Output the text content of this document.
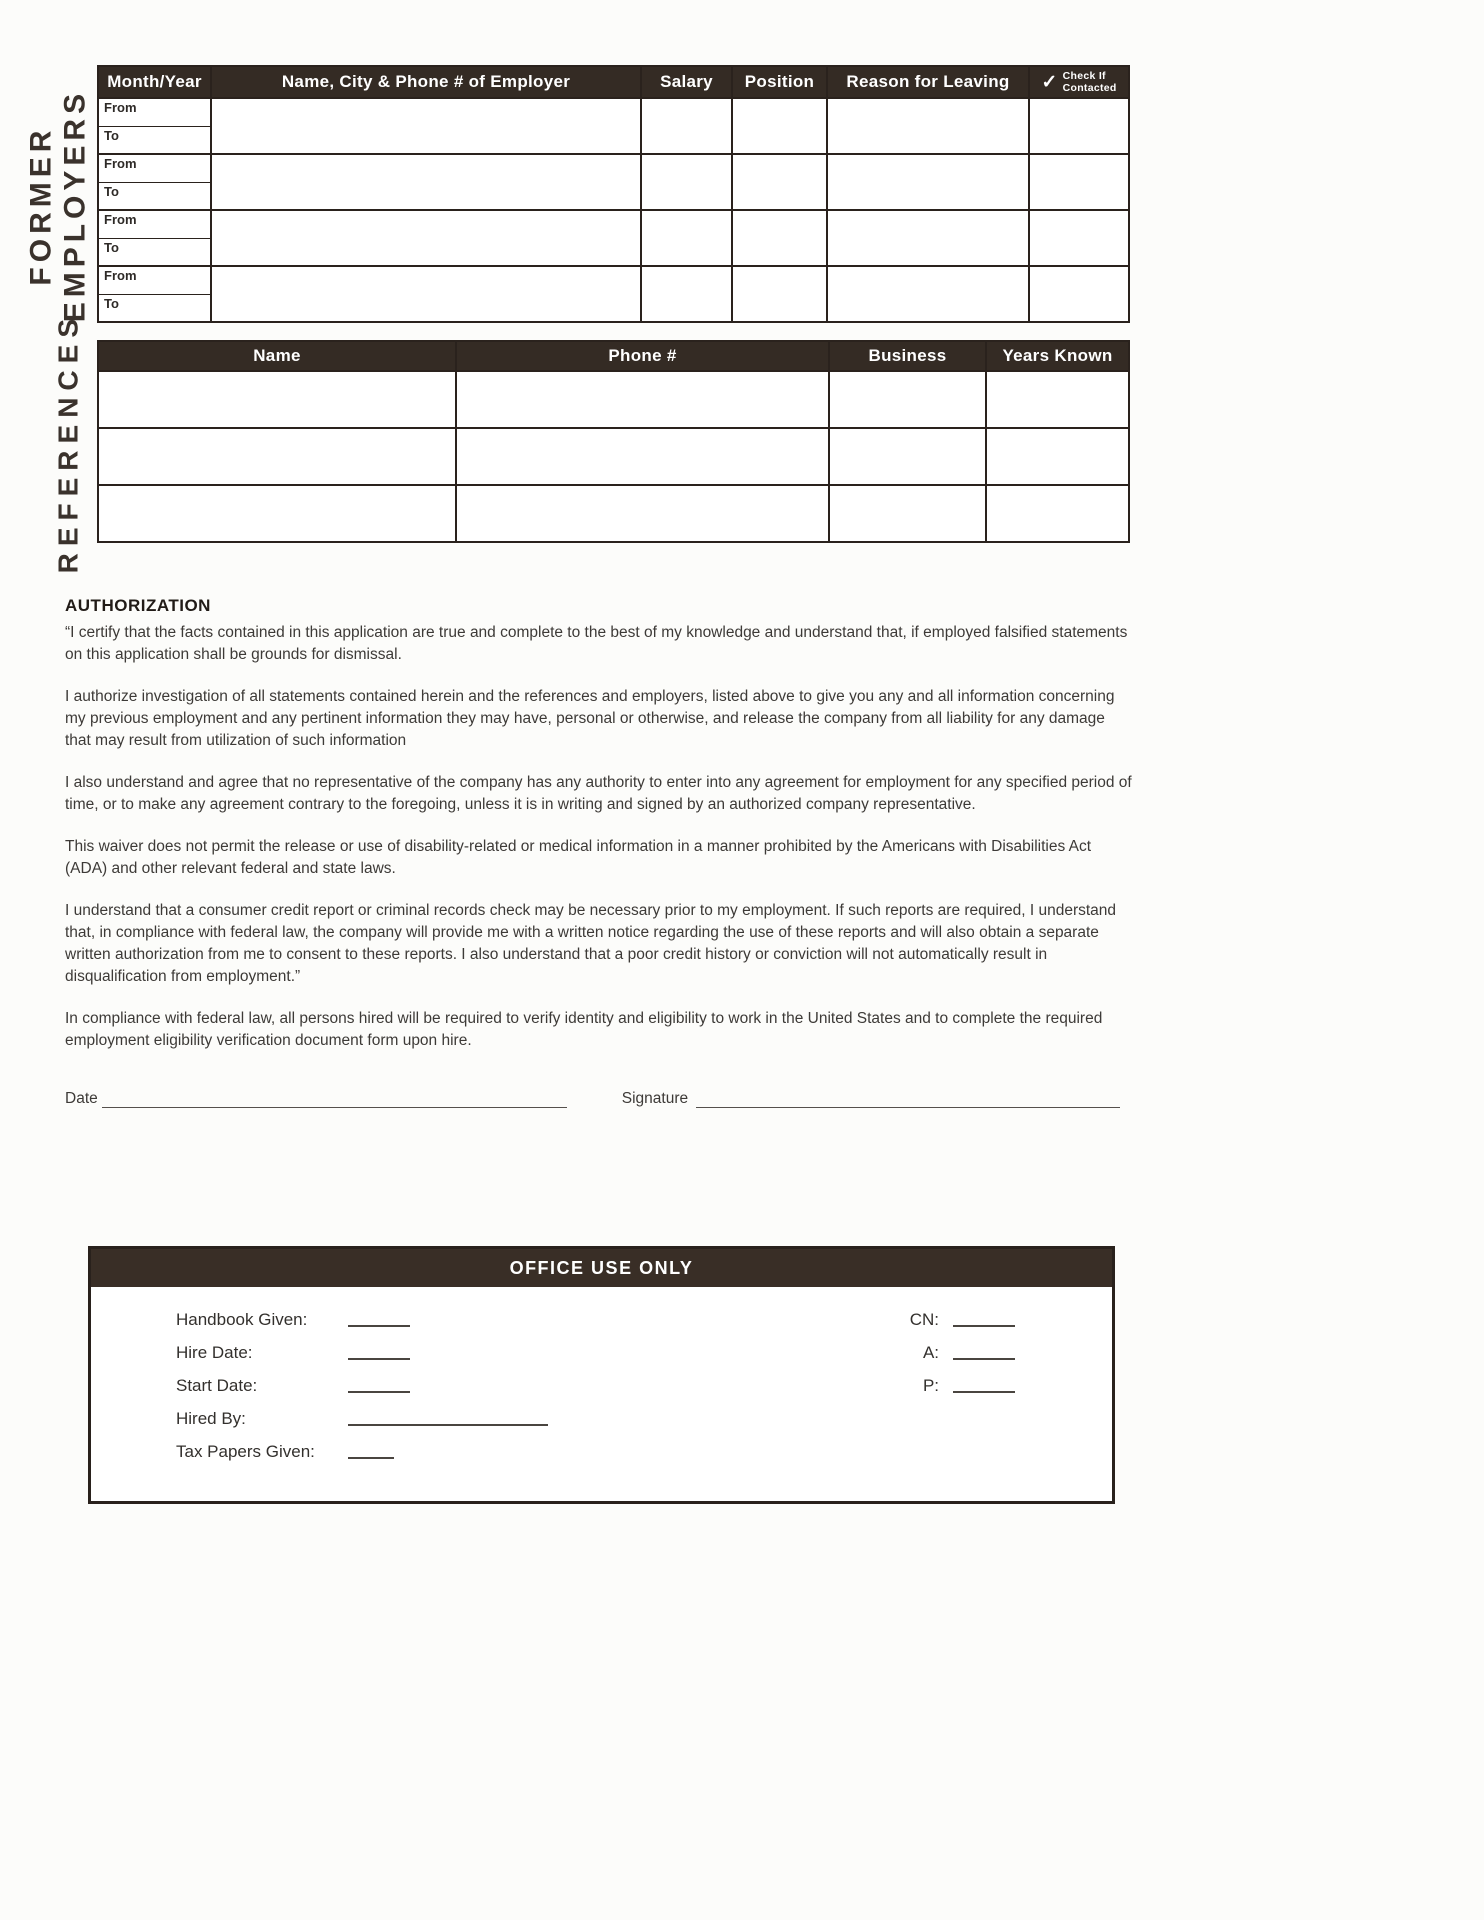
FORMER EMPLOYERS
REFERENCES
Month/Year	Name, City & Phone # of Employer	Salary	Position	Reason for Leaving	✓ Check If
Contacted

From					
To					
From					
To					
From					
To					
From					
To					
Name	Phone #	Business	Years Known

AUTHORIZATION

“I certify that the facts contained in this application are true and complete to the best of my knowledge and understand that, if employed falsified statements on this application shall be grounds for dismissal.

I authorize investigation of all statements contained herein and the references and employers, listed above to give you any and all information concerning my previous employment and any pertinent information they may have, personal or otherwise, and release the company from all liability for any damage that may result from utilization of such information

I also understand and agree that no representative of the company has any authority to enter into any agreement for employment for any specified period of time, or to make any agreement contrary to the foregoing, unless it is in writing and signed by an authorized company representative.

This waiver does not permit the release or use of disability-related or medical information in a manner prohibited by the Americans with Disabilities Act (ADA) and other relevant federal and state laws.

I understand that a consumer credit report or criminal records check may be necessary prior to my employment. If such reports are required, I understand that, in compliance with federal law, the company will provide me with a written notice regarding the use of these reports and will also obtain a separate written authorization from me to consent to these reports. I also understand that a poor credit history or conviction will not automatically result in disqualification from employment.”

In compliance with federal law, all persons hired will be required to verify identity and eligibility to work in the United States and to complete the required employment eligibility verification document form upon hire.

Date	Signature
OFFICE USE ONLY
Handbook Given:
Hire Date:
Start Date:
Hired By:
Tax Papers Given:
CN:
A:
P:
